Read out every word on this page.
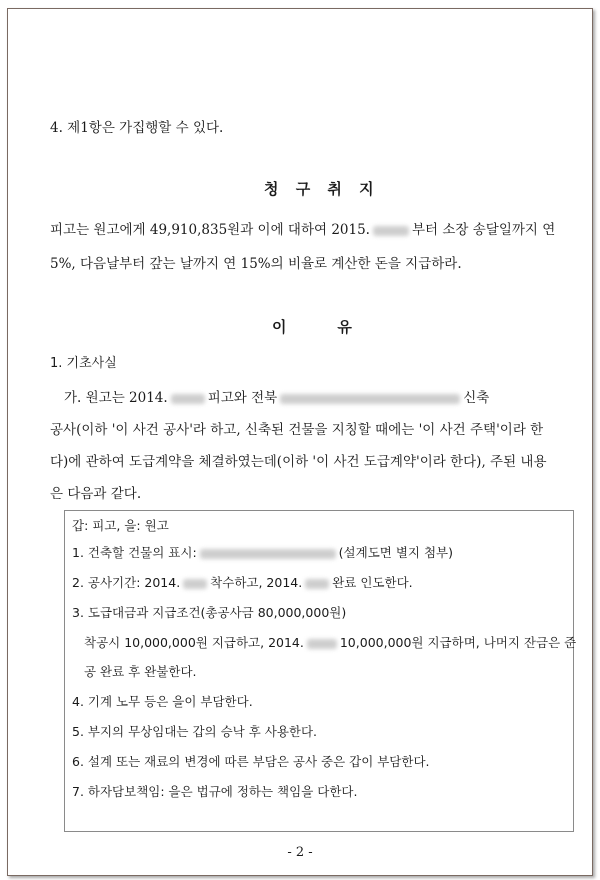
4. 제1항은 가집행할 수 있다.
청 구 취 지
피고는 원고에게 49,910,835원과 이에 대하여 2015.	부터 소장 송달일까지 연
5%, 다음날부터 갚는 날까지 연 15%의 비율로 계산한 돈을 지급하라.
이    유
1. 기초사실
가. 원고는 2014.	피고와 전북	신축
공사(이하 '이 사건 공사'라 하고, 신축된 건물을 지칭할 때에는 '이 사건 주택'이라 한
다)에 관하여 도급계약을 체결하였는데(이하 '이 사건 도급계약'이라 한다), 주된 내용
은 다음과 같다.
갑: 피고, 을: 원고
1. 건축할 건물의 표시:	(설계도면 별지 첨부)
2. 공사기간: 2014. 착수하고, 2014. 완료 인도한다.
3. 도급대금과 지급조건(총공사금 80,000,000원)
착공시 10,000,000원 지급하고, 2014.	10,000,000원 지급하며, 나머지 잔금은 준
공 완료 후 완불한다.
4. 기계 노무 등은 을이 부담한다.
5. 부지의 무상임대는 갑의 승낙 후 사용한다.
6. 설계 또는 재료의 변경에 따른 부담은 공사 중은 갑이 부담한다.
7. 하자담보책임: 을은 법규에 정하는 책임을 다한다.
- 2 -
